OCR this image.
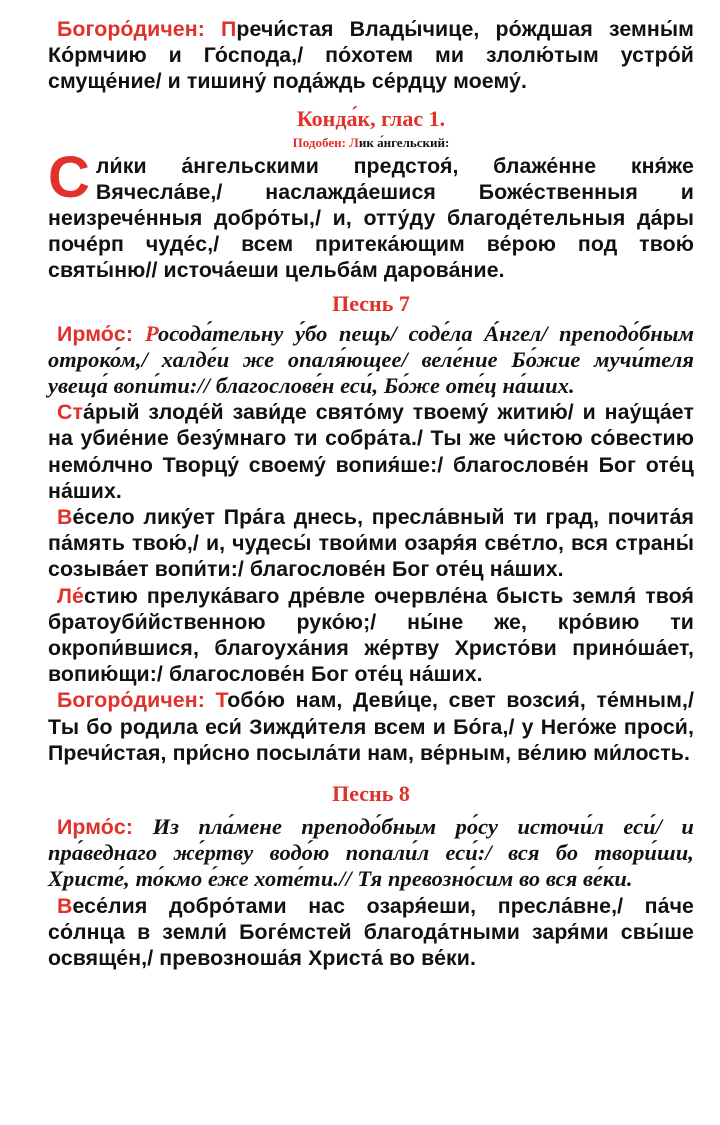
Богоро́дичен: Пречи́стая Влады́чице, ро́ждшая земны́м Ко́рмчию и Го́спода,/ по́хотем ми злолю́тым устро́й смуще́ние/ и тишину́ пода́ждь се́рдцу моему́.

Конда́к, глас 1.
Подобен: Лик а́нгельский:
С ли́ки а́нгельскими предстоя́, блаже́нне кня́же Вячесла́ве,/ наслажда́ешися Боже́ственныя и неизрече́нныя добро́ты,/ и, отту́ду благоде́тельныя да́ры почéрп чуде́с,/ всем притека́ющим ве́рою под твою́ святы́ню// источа́еши цельба́м дарова́ние.

Песнь 7

Ирмо́с: Росода́тельну у́бо пещь/ соде́ла А́нгел/ преподо́бным отроко́м,/ халде́и же опаля́ющее/ веле́ние Бо́жие мучи́теля увеща́ вопи́ти:// благослове́н еси́, Бо́же оте́ц на́ших.

Ста́рый злоде́й зави́де свято́му твоему́ житию́/ и нау́ща́ет на убие́ние безу́мнаго ти собра́та./ Ты же чи́стою со́вестию немо́лчно Творцу́ своему́ вопия́ше:/ благослове́н Бог оте́ц на́ших.

Ве́село лику́ет Пра́га днесь, пресла́вный ти град, почита́я па́мять твою́,/ и, чудесы́ твои́ми озаря́я све́тло, вся страны́ созыва́ет вопи́ти:/ благослове́н Бог оте́ц на́ших.

Ле́стию прелука́ваго дре́вле очервле́на бысть земля́ твоя́ братоуби́йственною руко́ю;/ ны́не же, кро́вию ти окропи́вшися, благоуха́ния же́ртву Христо́ви прино́ша́ет, вопию́щи:/ благослове́н Бог оте́ц на́ших.

Богоро́дичен: Тобо́ю нам, Деви́це, свет возсия́, те́мным,/ Ты бо родила еси́ Зижди́теля всем и Бо́га,/ у Него́же проси́, Пречи́стая, при́сно посыла́ти нам, ве́рным, ве́лию ми́лость.

Песнь 8

Ирмо́с: Из пла́мене преподо́бным ро́су источи́л еси́/ и пра́веднаго же́ртву водо́ю попали́л еси́:/ вся бо твори́ши, Христе́, то́кмо е́же хоте́ти.// Тя превозно́сим во вся ве́ки.

Весе́лия добро́тами нас озаря́еши, пресла́вне,/ па́че со́лнца в земли́ Боге́мстей благода́тными заря́ми свы́ше освяще́н,/ превознoша́я Христа́ во ве́ки.
